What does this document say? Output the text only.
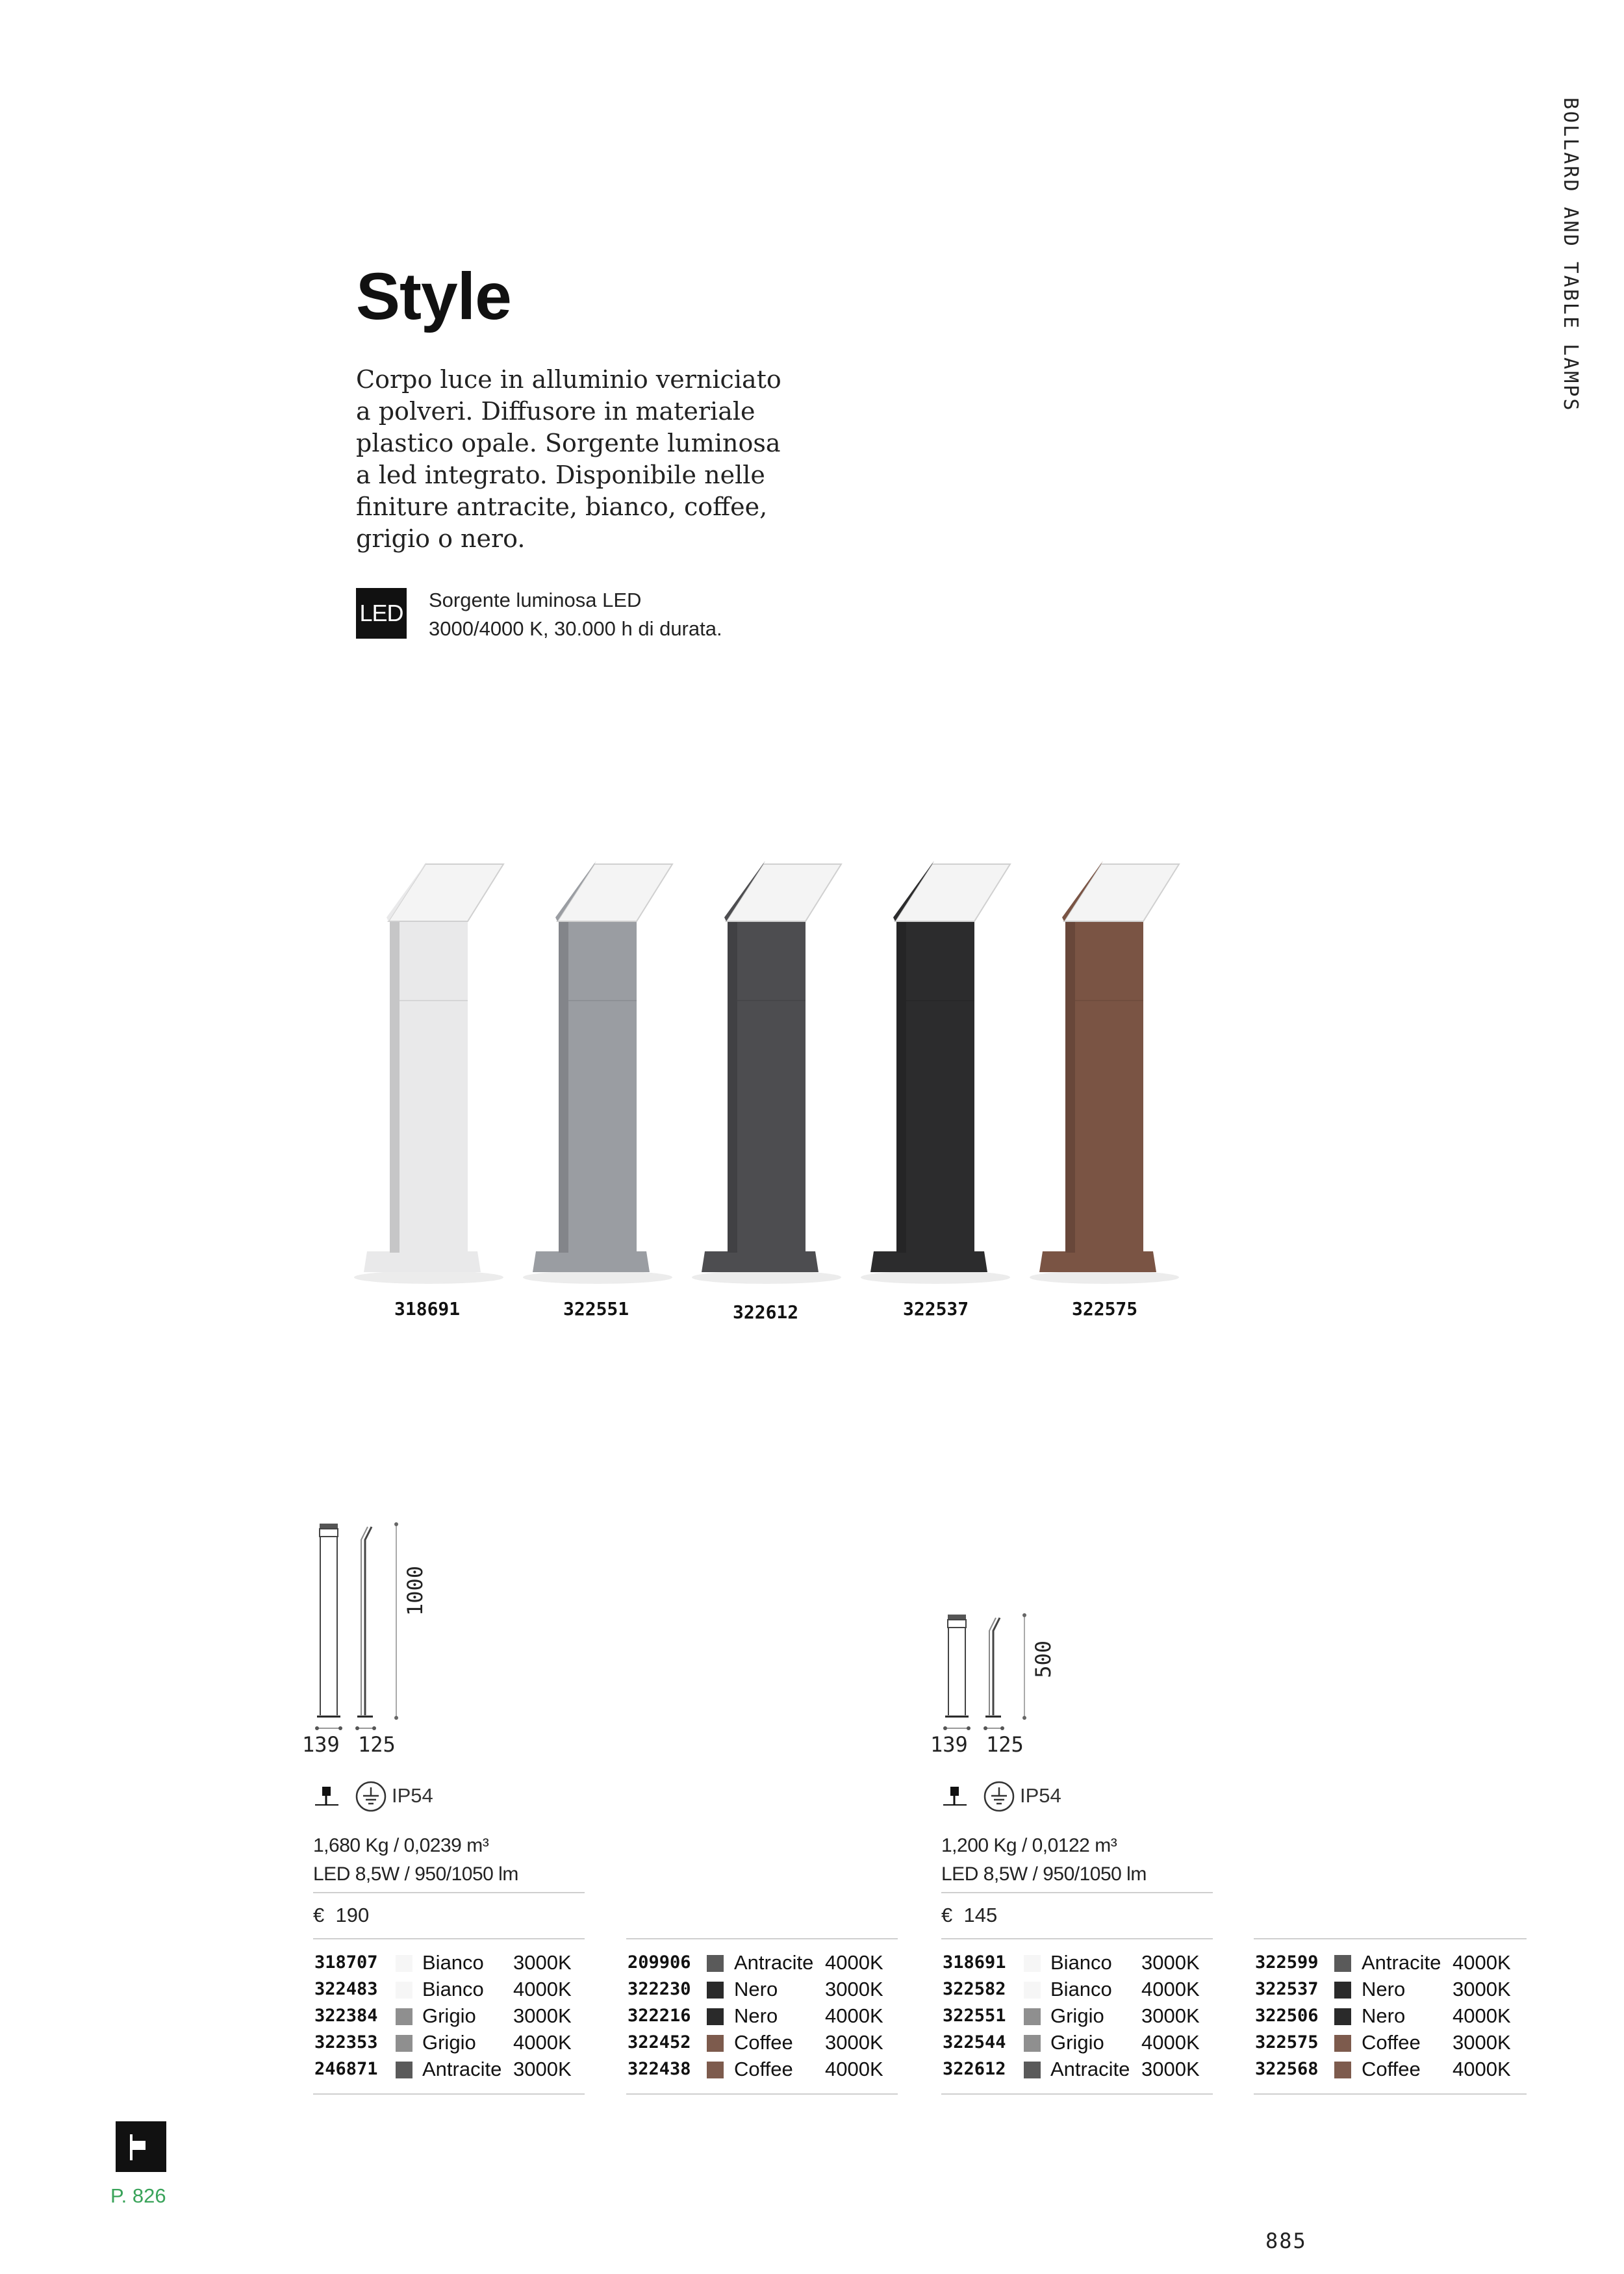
BOLLARD AND TABLE LAMPS
Style
Corpo luce in alluminio verniciato
a polveri. Diffusore in materiale
plastico opale. Sorgente luminosa
a led integrato. Disponibile nelle
finiture antracite, bianco, coffee,
grigio o nero.
LED Sorgente luminosa LED
3000/4000 K, 30.000 h di durata.
318691	322551	322612	322537	322575
1000
139 125
IP54
1,680 Kg / 0,0239 m³
LED 8,5W / 950/1050 lm
€ 190
318707 Bianco 3000K
322483 Bianco 4000K
322384 Grigio 3000K
322353 Grigio 4000K
246871 Antracite 3000K
209906 Antracite 4000K
322230 Nero 3000K
322216 Nero 4000K
322452 Coffee 3000K
322438 Coffee 4000K
500
139 125
IP54
1,200 Kg / 0,0122 m³
LED 8,5W / 950/1050 lm
€ 145
318691 Bianco 3000K
322582 Bianco 4000K
322551 Grigio 3000K
322544 Grigio 4000K
322612 Antracite 3000K
322599 Antracite 4000K
322537 Nero 3000K
322506 Nero 4000K
322575 Coffee 3000K
322568 Coffee 4000K
P. 826
885
